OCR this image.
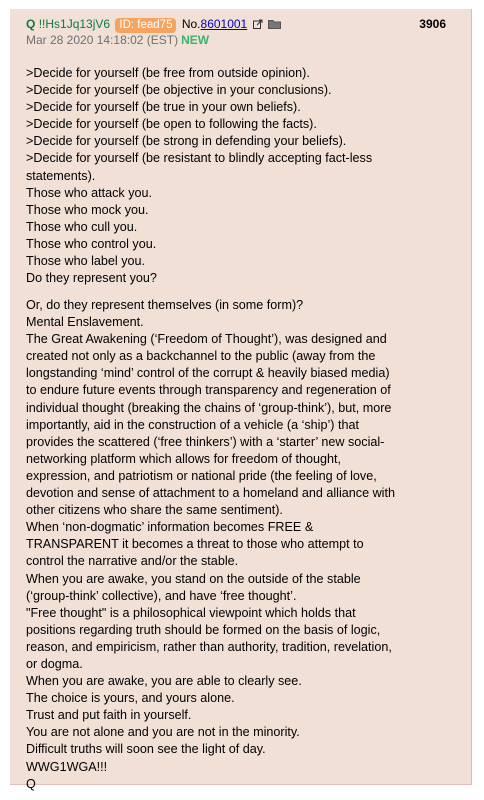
Q !!Hs1Jq13jV6 ID: fead75 No.8601001	3906
Mar 28 2020 14:18:02 (EST) NEW
>Decide for yourself (be free from outside opinion).
>Decide for yourself (be objective in your conclusions).
>Decide for yourself (be true in your own beliefs).
>Decide for yourself (be open to following the facts).
>Decide for yourself (be strong in defending your beliefs).
>Decide for yourself (be resistant to blindly accepting fact-less
statements).
Those who attack you.
Those who mock you.
Those who cull you.
Those who control you.
Those who label you.
Do they represent you?
Or, do they represent themselves (in some form)?
Mental Enslavement.
The Great Awakening (‘Freedom of Thought’), was designed and
created not only as a backchannel to the public (away from the
longstanding ‘mind’ control of the corrupt & heavily biased media)
to endure future events through transparency and regeneration of
individual thought (breaking the chains of ‘group-think’), but, more
importantly, aid in the construction of a vehicle (a ‘ship’) that
provides the scattered (‘free thinkers’) with a ‘starter’ new social-
networking platform which allows for freedom of thought,
expression, and patriotism or national pride (the feeling of love,
devotion and sense of attachment to a homeland and alliance with
other citizens who share the same sentiment).
When ‘non-dogmatic’ information becomes FREE &
TRANSPARENT it becomes a threat to those who attempt to
control the narrative and/or the stable.
When you are awake, you stand on the outside of the stable
(‘group-think’ collective), and have ‘free thought’.
"Free thought" is a philosophical viewpoint which holds that
positions regarding truth should be formed on the basis of logic,
reason, and empiricism, rather than authority, tradition, revelation,
or dogma.
When you are awake, you are able to clearly see.
The choice is yours, and yours alone.
Trust and put faith in yourself.
You are not alone and you are not in the minority.
Difficult truths will soon see the light of day.
WWG1WGA!!!
Q
